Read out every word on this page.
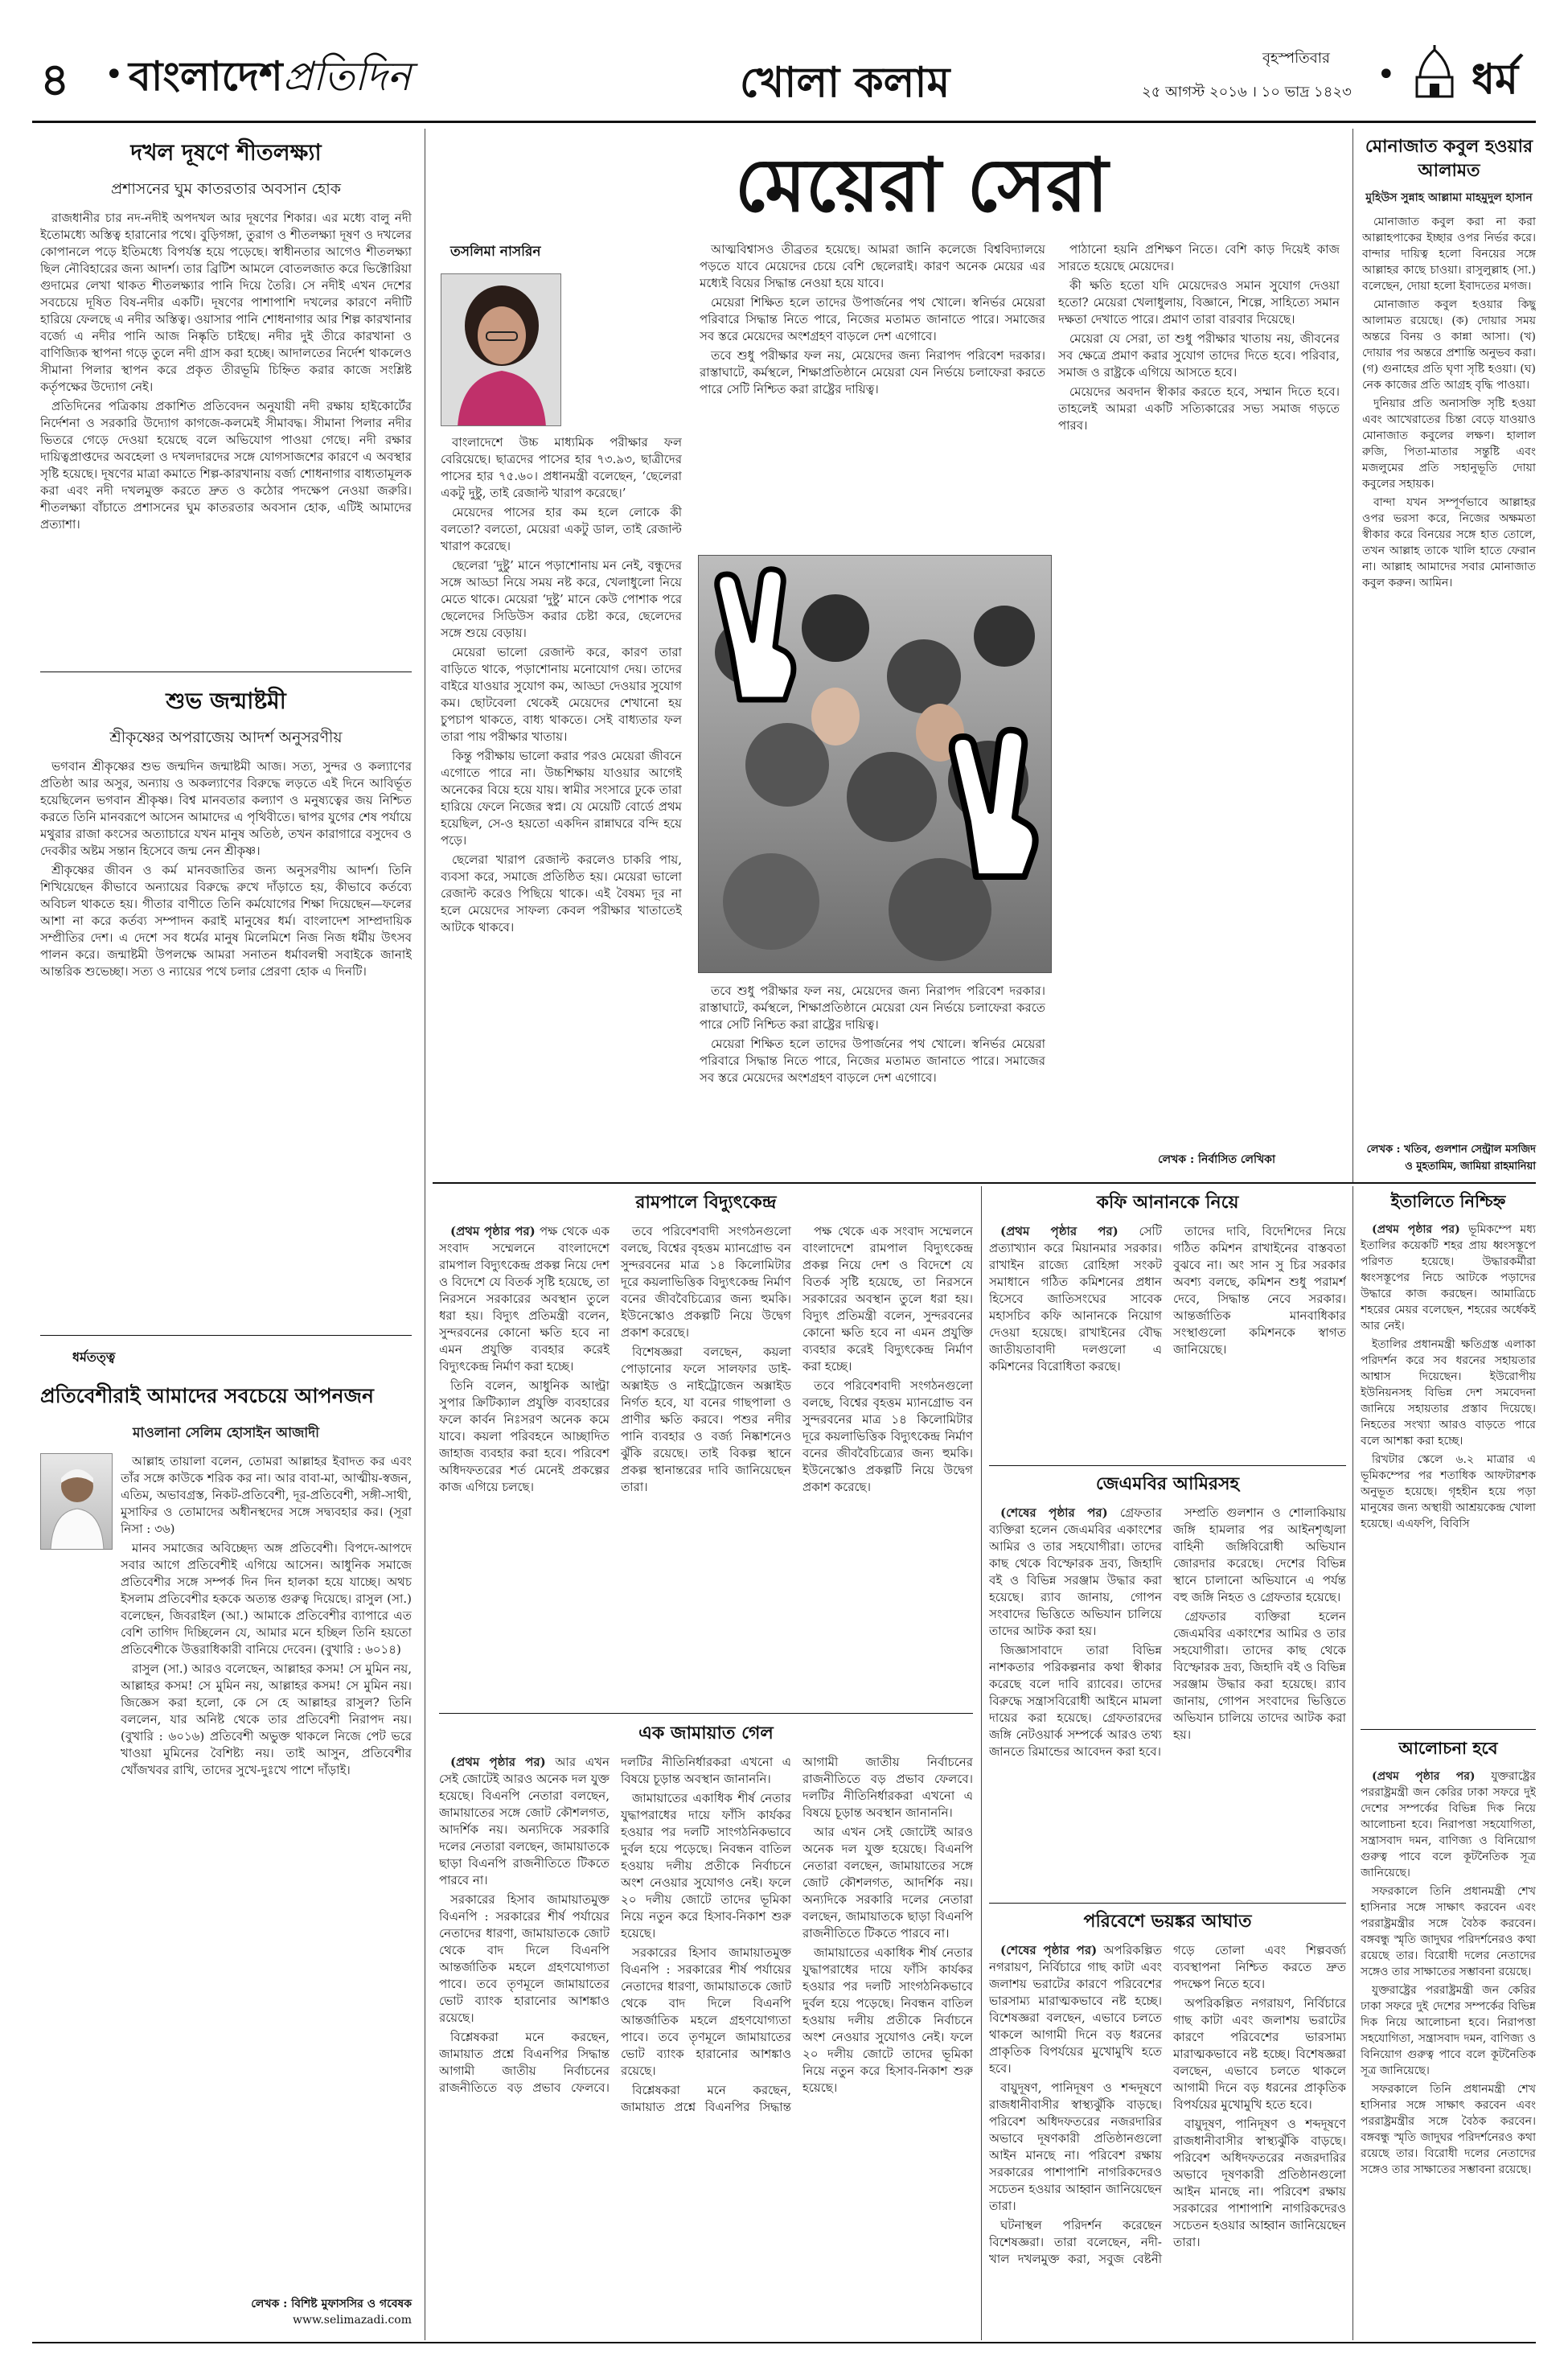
৪ • বাংলাদেশপ্রতিদিন	খোলা কলাম
বৃহস্পতিবার
২৫ আগস্ট ২০১৬ । ১০ ভাদ্র ১৪২৩ • ধর্ম
দখল দূষণে শীতলক্ষ্যা
প্রশাসনের ঘুম কাতরতার অবসান হোক

রাজধানীর চার নদ-নদীই অপদখল আর দূষণের শিকার। এর মধ্যে বালু নদী ইতোমধ্যে অস্তিত্ব হারানোর পথে। বুড়িগঙ্গা, তুরাগ ও শীতলক্ষ্যা দূষণ ও দখলের কোপানলে পড়ে ইতিমধ্যে বিপর্যস্ত হয়ে পড়েছে। স্বাধীনতার আগেও শীতলক্ষ্যা ছিল নৌবিহারের জন্য আদর্শ। তার ব্রিটিশ আমলে বোতলজাত করে ভিক্টোরিয়া গুদামের লেখা থাকত শীতলক্ষ্যার পানি দিয়ে তৈরি। সে নদীই এখন দেশের সবচেয়ে দূষিত বিষ-নদীর একটি। দূষণের পাশাপাশি দখলের কারণে নদীটি হারিয়ে ফেলছে এ নদীর অস্তিত্ব। ওয়াসার পানি শোধনাগার আর শিল্প কারখানার বর্জ্যে এ নদীর পানি আজ নিষ্কৃতি চাইছে। নদীর দুই তীরে কারখানা ও বাণিজ্যিক স্থাপনা গড়ে তুলে নদী গ্রাস করা হচ্ছে। আদালতের নির্দেশ থাকলেও সীমানা পিলার স্থাপন করে প্রকৃত তীরভূমি চিহ্নিত করার কাজে সংশ্লিষ্ট কর্তৃপক্ষের উদ্যোগ নেই।

প্রতিদিনের পত্রিকায় প্রকাশিত প্রতিবেদন অনুযায়ী নদী রক্ষায় হাইকোর্টের নির্দেশনা ও সরকারি উদ্যোগ কাগজে-কলমেই সীমাবদ্ধ। সীমানা পিলার নদীর ভিতরে গেড়ে দেওয়া হয়েছে বলে অভিযোগ পাওয়া গেছে। নদী রক্ষার দায়িত্বপ্রাপ্তদের অবহেলা ও দখলদারদের সঙ্গে যোগসাজশের কারণে এ অবস্থার সৃষ্টি হয়েছে। দূষণের মাত্রা কমাতে শিল্প-কারখানায় বর্জ্য শোধনাগার বাধ্যতামূলক করা এবং নদী দখলমুক্ত করতে দ্রুত ও কঠোর পদক্ষেপ নেওয়া জরুরি। শীতলক্ষ্যা বাঁচাতে প্রশাসনের ঘুম কাতরতার অবসান হোক, এটিই আমাদের প্রত্যাশা।

শুভ জন্মাষ্টমী
শ্রীকৃষ্ণের অপরাজেয় আদর্শ অনুসরণীয়

ভগবান শ্রীকৃষ্ণের শুভ জন্মদিন জন্মাষ্টমী আজ। সত্য, সুন্দর ও কল্যাণের প্রতিষ্ঠা আর অসুর, অন্যায় ও অকল্যাণের বিরুদ্ধে লড়তে এই দিনে আবির্ভূত হয়েছিলেন ভগবান শ্রীকৃষ্ণ। বিশ্ব মানবতার কল্যাণ ও মনুষ্যত্বের জয় নিশ্চিত করতে তিনি মানবরূপে আসেন আমাদের এ পৃথিবীতে। দ্বাপর যুগের শেষ পর্যায়ে মথুরার রাজা কংসের অত্যাচারে যখন মানুষ অতিষ্ঠ, তখন কারাগারে বসুদেব ও দেবকীর অষ্টম সন্তান হিসেবে জন্ম নেন শ্রীকৃষ্ণ।

শ্রীকৃষ্ণের জীবন ও কর্ম মানবজাতির জন্য অনুসরণীয় আদর্শ। তিনি শিখিয়েছেন কীভাবে অন্যায়ের বিরুদ্ধে রুখে দাঁড়াতে হয়, কীভাবে কর্তব্যে অবিচল থাকতে হয়। গীতার বাণীতে তিনি কর্মযোগের শিক্ষা দিয়েছেন—ফলের আশা না করে কর্তব্য সম্পাদন করাই মানুষের ধর্ম। বাংলাদেশ সাম্প্রদায়িক সম্প্রীতির দেশ। এ দেশে সব ধর্মের মানুষ মিলেমিশে নিজ নিজ ধর্মীয় উৎসব পালন করে। জন্মাষ্টমী উপলক্ষে আমরা সনাতন ধর্মাবলম্বী সবাইকে জানাই আন্তরিক শুভেচ্ছা। সত্য ও ন্যায়ের পথে চলার প্রেরণা হোক এ দিনটি।

ধর্মতত্ত্ব
প্রতিবেশীরাই আমাদের সবচেয়ে আপনজন
মাওলানা সেলিম হোসাইন আজাদী

আল্লাহ তায়ালা বলেন, তোমরা আল্লাহর ইবাদত কর এবং তাঁর সঙ্গে কাউকে শরিক কর না। আর বাবা-মা, আত্মীয়-স্বজন, এতিম, অভাবগ্রস্ত, নিকট-প্রতিবেশী, দূর-প্রতিবেশী, সঙ্গী-সাথী, মুসাফির ও তোমাদের অধীনস্থদের সঙ্গে সদ্ব্যবহার কর। (সূরা নিসা : ৩৬)

মানব সমাজের অবিচ্ছেদ্য অঙ্গ প্রতিবেশী। বিপদে-আপদে সবার আগে প্রতিবেশীই এগিয়ে আসেন। আধুনিক সমাজে প্রতিবেশীর সঙ্গে সম্পর্ক দিন দিন হালকা হয়ে যাচ্ছে। অথচ ইসলাম প্রতিবেশীর হককে অত্যন্ত গুরুত্ব দিয়েছে। রাসুল (সা.) বলেছেন, জিবরাইল (আ.) আমাকে প্রতিবেশীর ব্যাপারে এত বেশি তাগিদ দিচ্ছিলেন যে, আমার মনে হচ্ছিল তিনি হয়তো প্রতিবেশীকে উত্তরাধিকারী বানিয়ে দেবেন। (বুখারি : ৬০১৪)

রাসুল (সা.) আরও বলেছেন, আল্লাহর কসম! সে মুমিন নয়, আল্লাহর কসম! সে মুমিন নয়, আল্লাহর কসম! সে মুমিন নয়। জিজ্ঞেস করা হলো, কে সে হে আল্লাহর রাসুল? তিনি বললেন, যার অনিষ্ট থেকে তার প্রতিবেশী নিরাপদ নয়। (বুখারি : ৬০১৬) প্রতিবেশী অভুক্ত থাকলে নিজে পেট ভরে খাওয়া মুমিনের বৈশিষ্ট্য নয়। তাই আসুন, প্রতিবেশীর খোঁজখবর রাখি, তাদের সুখে-দুঃখে পাশে দাঁড়াই।

লেখক : বিশিষ্ট মুফাসসির ও গবেষক
www.selimazadi.com
মেয়েরা সেরা
তসলিমা নাসরিন

বাংলাদেশে উচ্চ মাধ্যমিক পরীক্ষার ফল বেরিয়েছে। ছাত্রদের পাসের হার ৭৩.৯৩, ছাত্রীদের পাসের হার ৭৫.৬০। প্রধানমন্ত্রী বলেছেন, ‘ছেলেরা একটু দুষ্টু, তাই রেজাল্ট খারাপ করেছে।’

মেয়েদের পাসের হার কম হলে লোকে কী বলতো? বলতো, মেয়েরা একটু ডাল, তাই রেজাল্ট খারাপ করেছে।

ছেলেরা ‘দুষ্টু’ মানে পড়াশোনায় মন নেই, বন্ধুদের সঙ্গে আড্ডা নিয়ে সময় নষ্ট করে, খেলাধুলো নিয়ে মেতে থাকে। মেয়েরা ‘দুষ্টু’ মানে কেউ পোশাক পরে ছেলেদের সিডিউস করার চেষ্টা করে, ছেলেদের সঙ্গে শুয়ে বেড়ায়।

মেয়েরা ভালো রেজাল্ট করে, কারণ তারা বাড়িতে থাকে, পড়াশোনায় মনোযোগ দেয়। তাদের বাইরে যাওয়ার সুযোগ কম, আড্ডা দেওয়ার সুযোগ কম। ছোটবেলা থেকেই মেয়েদের শেখানো হয় চুপচাপ থাকতে, বাধ্য থাকতে। সেই বাধ্যতার ফল তারা পায় পরীক্ষার খাতায়।

কিন্তু পরীক্ষায় ভালো করার পরও মেয়েরা জীবনে এগোতে পারে না। উচ্চশিক্ষায় যাওয়ার আগেই অনেকের বিয়ে হয়ে যায়। স্বামীর সংসারে ঢুকে তারা হারিয়ে ফেলে নিজের স্বপ্ন। যে মেয়েটি বোর্ডে প্রথম হয়েছিল, সে-ও হয়তো একদিন রান্নাঘরে বন্দি হয়ে পড়ে।

ছেলেরা খারাপ রেজাল্ট করলেও চাকরি পায়, ব্যবসা করে, সমাজে প্রতিষ্ঠিত হয়। মেয়েরা ভালো রেজাল্ট করেও পিছিয়ে থাকে। এই বৈষম্য দূর না হলে মেয়েদের সাফল্য কেবল পরীক্ষার খাতাতেই আটকে থাকবে।

আত্মবিশ্বাসও তীব্রতর হয়েছে। আমরা জানি কলেজে বিশ্ববিদ্যালয়ে পড়তে যাবে মেয়েদের চেয়ে বেশি ছেলেরাই। কারণ অনেক মেয়ের এর মধ্যেই বিয়ের সিদ্ধান্ত নেওয়া হয়ে যাবে।

মেয়েরা শিক্ষিত হলে তাদের উপার্জনের পথ খোলে। স্বনির্ভর মেয়েরা পরিবারে সিদ্ধান্ত নিতে পারে, নিজের মতামত জানাতে পারে। সমাজের সব স্তরে মেয়েদের অংশগ্রহণ বাড়লে দেশ এগোবে।

তবে শুধু পরীক্ষার ফল নয়, মেয়েদের জন্য নিরাপদ পরিবেশ দরকার। রাস্তাঘাটে, কর্মস্থলে, শিক্ষাপ্রতিষ্ঠানে মেয়েরা যেন নির্ভয়ে চলাফেরা করতে পারে সেটি নিশ্চিত করা রাষ্ট্রের দায়িত্ব।

পাঠানো হয়নি প্রশিক্ষণ নিতে। বেশি কাড় দিয়েই কাজ সারতে হয়েছে মেয়েদের।

কী ক্ষতি হতো যদি মেয়েদেরও সমান সুযোগ দেওয়া হতো? মেয়েরা খেলাধুলায়, বিজ্ঞানে, শিল্পে, সাহিত্যে সমান দক্ষতা দেখাতে পারে। প্রমাণ তারা বারবার দিয়েছে।

মেয়েরা যে সেরা, তা শুধু পরীক্ষার খাতায় নয়, জীবনের সব ক্ষেত্রে প্রমাণ করার সুযোগ তাদের দিতে হবে। পরিবার, সমাজ ও রাষ্ট্রকে এগিয়ে আসতে হবে।

মেয়েদের অবদান স্বীকার করতে হবে, সম্মান দিতে হবে। তাহলেই আমরা একটি সত্যিকারের সভ্য সমাজ গড়তে পারব।

তবে শুধু পরীক্ষার ফল নয়, মেয়েদের জন্য নিরাপদ পরিবেশ দরকার। রাস্তাঘাটে, কর্মস্থলে, শিক্ষাপ্রতিষ্ঠানে মেয়েরা যেন নির্ভয়ে চলাফেরা করতে পারে সেটি নিশ্চিত করা রাষ্ট্রের দায়িত্ব।

মেয়েরা শিক্ষিত হলে তাদের উপার্জনের পথ খোলে। স্বনির্ভর মেয়েরা পরিবারে সিদ্ধান্ত নিতে পারে, নিজের মতামত জানাতে পারে। সমাজের সব স্তরে মেয়েদের অংশগ্রহণ বাড়লে দেশ এগোবে।

লেখক : নির্বাসিত লেখিকা
মোনাজাত কবুল হওয়ার আলামত
মুহিউস সুন্নাহ আল্লামা মাহমুদুল হাসান

মোনাজাত কবুল করা না করা আল্লাহপাকের ইচ্ছার ওপর নির্ভর করে। বান্দার দায়িত্ব হলো বিনয়ের সঙ্গে আল্লাহর কাছে চাওয়া। রাসুলুল্লাহ (সা.) বলেছেন, দোয়া হলো ইবাদতের মগজ।

মোনাজাত কবুল হওয়ার কিছু আলামত রয়েছে। (ক) দোয়ার সময় অন্তরে বিনয় ও কান্না আসা। (খ) দোয়ার পর অন্তরে প্রশান্তি অনুভব করা। (গ) গুনাহের প্রতি ঘৃণা সৃষ্টি হওয়া। (ঘ) নেক কাজের প্রতি আগ্রহ বৃদ্ধি পাওয়া।

দুনিয়ার প্রতি অনাসক্তি সৃষ্টি হওয়া এবং আখেরাতের চিন্তা বেড়ে যাওয়াও মোনাজাত কবুলের লক্ষণ। হালাল রুজি, পিতা-মাতার সন্তুষ্টি এবং মজলুমের প্রতি সহানুভূতি দোয়া কবুলের সহায়ক।

বান্দা যখন সম্পূর্ণভাবে আল্লাহর ওপর ভরসা করে, নিজের অক্ষমতা স্বীকার করে বিনয়ের সঙ্গে হাত তোলে, তখন আল্লাহ তাকে খালি হাতে ফেরান না। আল্লাহ আমাদের সবার মোনাজাত কবুল করুন। আমিন।

লেখক : খতিব, গুলশান সেন্ট্রাল মসজিদ ও মুহতামিম, জামিয়া রাহমানিয়া
রামপালে বিদ্যুৎকেন্দ্র

(প্রথম পৃষ্ঠার পর) পক্ষ থেকে এক সংবাদ সম্মেলনে বাংলাদেশে রামপাল বিদ্যুৎকেন্দ্র প্রকল্প নিয়ে দেশ ও বিদেশে যে বিতর্ক সৃষ্টি হয়েছে, তা নিরসনে সরকারের অবস্থান তুলে ধরা হয়। বিদ্যুৎ প্রতিমন্ত্রী বলেন, সুন্দরবনের কোনো ক্ষতি হবে না এমন প্রযুক্তি ব্যবহার করেই বিদ্যুৎকেন্দ্র নির্মাণ করা হচ্ছে।

তিনি বলেন, আধুনিক আল্ট্রা সুপার ক্রিটিক্যাল প্রযুক্তি ব্যবহারের ফলে কার্বন নিঃসরণ অনেক কমে যাবে। কয়লা পরিবহনে আচ্ছাদিত জাহাজ ব্যবহার করা হবে। পরিবেশ অধিদফতরের শর্ত মেনেই প্রকল্পের কাজ এগিয়ে চলছে।

তবে পরিবেশবাদী সংগঠনগুলো বলছে, বিশ্বের বৃহত্তম ম্যানগ্রোভ বন সুন্দরবনের মাত্র ১৪ কিলোমিটার দূরে কয়লাভিত্তিক বিদ্যুৎকেন্দ্র নির্মাণ বনের জীববৈচিত্র্যের জন্য হুমকি। ইউনেস্কোও প্রকল্পটি নিয়ে উদ্বেগ প্রকাশ করেছে।

বিশেষজ্ঞরা বলছেন, কয়লা পোড়ানোর ফলে সালফার ডাই-অক্সাইড ও নাইট্রোজেন অক্সাইড নির্গত হবে, যা বনের গাছপালা ও প্রাণীর ক্ষতি করবে। পশুর নদীর পানি ব্যবহার ও বর্জ্য নিষ্কাশনেও ঝুঁকি রয়েছে। তাই বিকল্প স্থানে প্রকল্প স্থানান্তরের দাবি জানিয়েছেন তারা।

পক্ষ থেকে এক সংবাদ সম্মেলনে বাংলাদেশে রামপাল বিদ্যুৎকেন্দ্র প্রকল্প নিয়ে দেশ ও বিদেশে যে বিতর্ক সৃষ্টি হয়েছে, তা নিরসনে সরকারের অবস্থান তুলে ধরা হয়। বিদ্যুৎ প্রতিমন্ত্রী বলেন, সুন্দরবনের কোনো ক্ষতি হবে না এমন প্রযুক্তি ব্যবহার করেই বিদ্যুৎকেন্দ্র নির্মাণ করা হচ্ছে।

তবে পরিবেশবাদী সংগঠনগুলো বলছে, বিশ্বের বৃহত্তম ম্যানগ্রোভ বন সুন্দরবনের মাত্র ১৪ কিলোমিটার দূরে কয়লাভিত্তিক বিদ্যুৎকেন্দ্র নির্মাণ বনের জীববৈচিত্র্যের জন্য হুমকি। ইউনেস্কোও প্রকল্পটি নিয়ে উদ্বেগ প্রকাশ করেছে।

এক জামায়াত গেল

(প্রথম পৃষ্ঠার পর) আর এখন সেই জোটেই আরও অনেক দল যুক্ত হয়েছে। বিএনপি নেতারা বলছেন, জামায়াতের সঙ্গে জোট কৌশলগত, আদর্শিক নয়। অন্যদিকে সরকারি দলের নেতারা বলছেন, জামায়াতকে ছাড়া বিএনপি রাজনীতিতে টিকতে পারবে না।

সরকারের হিসাব জামায়াতমুক্ত বিএনপি : সরকারের শীর্ষ পর্যায়ের নেতাদের ধারণা, জামায়াতকে জোট থেকে বাদ দিলে বিএনপি আন্তর্জাতিক মহলে গ্রহণযোগ্যতা পাবে। তবে তৃণমূলে জামায়াতের ভোট ব্যাংক হারানোর আশঙ্কাও রয়েছে।

বিশ্লেষকরা মনে করছেন, জামায়াত প্রশ্নে বিএনপির সিদ্ধান্ত আগামী জাতীয় নির্বাচনের রাজনীতিতে বড় প্রভাব ফেলবে। দলটির নীতিনির্ধারকরা এখনো এ বিষয়ে চূড়ান্ত অবস্থান জানাননি।

জামায়াতের একাধিক শীর্ষ নেতার যুদ্ধাপরাধের দায়ে ফাঁসি কার্যকর হওয়ার পর দলটি সাংগঠনিকভাবে দুর্বল হয়ে পড়েছে। নিবন্ধন বাতিল হওয়ায় দলীয় প্রতীকে নির্বাচনে অংশ নেওয়ার সুযোগও নেই। ফলে ২০ দলীয় জোটে তাদের ভূমিকা নিয়ে নতুন করে হিসাব-নিকাশ শুরু হয়েছে।

সরকারের হিসাব জামায়াতমুক্ত বিএনপি : সরকারের শীর্ষ পর্যায়ের নেতাদের ধারণা, জামায়াতকে জোট থেকে বাদ দিলে বিএনপি আন্তর্জাতিক মহলে গ্রহণযোগ্যতা পাবে। তবে তৃণমূলে জামায়াতের ভোট ব্যাংক হারানোর আশঙ্কাও রয়েছে।

বিশ্লেষকরা মনে করছেন, জামায়াত প্রশ্নে বিএনপির সিদ্ধান্ত আগামী জাতীয় নির্বাচনের রাজনীতিতে বড় প্রভাব ফেলবে। দলটির নীতিনির্ধারকরা এখনো এ বিষয়ে চূড়ান্ত অবস্থান জানাননি।

আর এখন সেই জোটেই আরও অনেক দল যুক্ত হয়েছে। বিএনপি নেতারা বলছেন, জামায়াতের সঙ্গে জোট কৌশলগত, আদর্শিক নয়। অন্যদিকে সরকারি দলের নেতারা বলছেন, জামায়াতকে ছাড়া বিএনপি রাজনীতিতে টিকতে পারবে না।

জামায়াতের একাধিক শীর্ষ নেতার যুদ্ধাপরাধের দায়ে ফাঁসি কার্যকর হওয়ার পর দলটি সাংগঠনিকভাবে দুর্বল হয়ে পড়েছে। নিবন্ধন বাতিল হওয়ায় দলীয় প্রতীকে নির্বাচনে অংশ নেওয়ার সুযোগও নেই। ফলে ২০ দলীয় জোটে তাদের ভূমিকা নিয়ে নতুন করে হিসাব-নিকাশ শুরু হয়েছে।

কফি আনানকে নিয়ে

(প্রথম পৃষ্ঠার পর) সেটি প্রত্যাখ্যান করে মিয়ানমার সরকার। রাখাইন রাজ্যে রোহিঙ্গা সংকট সমাধানে গঠিত কমিশনের প্রধান হিসেবে জাতিসংঘের সাবেক মহাসচিব কফি আনানকে নিয়োগ দেওয়া হয়েছে। রাখাইনের বৌদ্ধ জাতীয়তাবাদী দলগুলো এ কমিশনের বিরোধিতা করছে।

তাদের দাবি, বিদেশিদের নিয়ে গঠিত কমিশন রাখাইনের বাস্তবতা বুঝবে না। অং সান সু চির সরকার অবশ্য বলছে, কমিশন শুধু পরামর্শ দেবে, সিদ্ধান্ত নেবে সরকার। আন্তর্জাতিক মানবাধিকার সংস্থাগুলো কমিশনকে স্বাগত জানিয়েছে।

জেএমবির আমিরসহ

(শেষের পৃষ্ঠার পর) গ্রেফতার ব্যক্তিরা হলেন জেএমবির একাংশের আমির ও তার সহযোগীরা। তাদের কাছ থেকে বিস্ফোরক দ্রব্য, জিহাদি বই ও বিভিন্ন সরঞ্জাম উদ্ধার করা হয়েছে। র‌্যাব জানায়, গোপন সংবাদের ভিত্তিতে অভিযান চালিয়ে তাদের আটক করা হয়।

জিজ্ঞাসাবাদে তারা বিভিন্ন নাশকতার পরিকল্পনার কথা স্বীকার করেছে বলে দাবি র‌্যাবের। তাদের বিরুদ্ধে সন্ত্রাসবিরোধী আইনে মামলা দায়ের করা হয়েছে। গ্রেফতারদের জঙ্গি নেটওয়ার্ক সম্পর্কে আরও তথ্য জানতে রিমান্ডের আবেদন করা হবে।

সম্প্রতি গুলশান ও শোলাকিয়ায় জঙ্গি হামলার পর আইনশৃঙ্খলা বাহিনী জঙ্গিবিরোধী অভিযান জোরদার করেছে। দেশের বিভিন্ন স্থানে চালানো অভিযানে এ পর্যন্ত বহু জঙ্গি নিহত ও গ্রেফতার হয়েছে।

গ্রেফতার ব্যক্তিরা হলেন জেএমবির একাংশের আমির ও তার সহযোগীরা। তাদের কাছ থেকে বিস্ফোরক দ্রব্য, জিহাদি বই ও বিভিন্ন সরঞ্জাম উদ্ধার করা হয়েছে। র‌্যাব জানায়, গোপন সংবাদের ভিত্তিতে অভিযান চালিয়ে তাদের আটক করা হয়।

পরিবেশে ভয়ঙ্কর আঘাত

(শেষের পৃষ্ঠার পর) অপরিকল্পিত নগরায়ণ, নির্বিচারে গাছ কাটা এবং জলাশয় ভরাটের কারণে পরিবেশের ভারসাম্য মারাত্মকভাবে নষ্ট হচ্ছে। বিশেষজ্ঞরা বলছেন, এভাবে চলতে থাকলে আগামী দিনে বড় ধরনের প্রাকৃতিক বিপর্যয়ের মুখোমুখি হতে হবে।

বায়ুদূষণ, পানিদূষণ ও শব্দদূষণে রাজধানীবাসীর স্বাস্থ্যঝুঁকি বাড়ছে। পরিবেশ অধিদফতরের নজরদারির অভাবে দূষণকারী প্রতিষ্ঠানগুলো আইন মানছে না। পরিবেশ রক্ষায় সরকারের পাশাপাশি নাগরিকদেরও সচেতন হওয়ার আহ্বান জানিয়েছেন তারা।

ঘটনাস্থল পরিদর্শন করেছেন বিশেষজ্ঞরা। তারা বলেছেন, নদী-খাল দখলমুক্ত করা, সবুজ বেষ্টনী গড়ে তোলা এবং শিল্পবর্জ্য ব্যবস্থাপনা নিশ্চিত করতে দ্রুত পদক্ষেপ নিতে হবে।

অপরিকল্পিত নগরায়ণ, নির্বিচারে গাছ কাটা এবং জলাশয় ভরাটের কারণে পরিবেশের ভারসাম্য মারাত্মকভাবে নষ্ট হচ্ছে। বিশেষজ্ঞরা বলছেন, এভাবে চলতে থাকলে আগামী দিনে বড় ধরনের প্রাকৃতিক বিপর্যয়ের মুখোমুখি হতে হবে।

বায়ুদূষণ, পানিদূষণ ও শব্দদূষণে রাজধানীবাসীর স্বাস্থ্যঝুঁকি বাড়ছে। পরিবেশ অধিদফতরের নজরদারির অভাবে দূষণকারী প্রতিষ্ঠানগুলো আইন মানছে না। পরিবেশ রক্ষায় সরকারের পাশাপাশি নাগরিকদেরও সচেতন হওয়ার আহ্বান জানিয়েছেন তারা।

ইতালিতে নিশ্চিহ্ন

(প্রথম পৃষ্ঠার পর) ভূমিকম্পে মধ্য ইতালির কয়েকটি শহর প্রায় ধ্বংসস্তূপে পরিণত হয়েছে। উদ্ধারকর্মীরা ধ্বংসস্তূপের নিচে আটকে পড়াদের উদ্ধারে কাজ করছেন। আমাত্রিচে শহরের মেয়র বলেছেন, শহরের অর্ধেকই আর নেই।

ইতালির প্রধানমন্ত্রী ক্ষতিগ্রস্ত এলাকা পরিদর্শন করে সব ধরনের সহায়তার আশ্বাস দিয়েছেন। ইউরোপীয় ইউনিয়নসহ বিভিন্ন দেশ সমবেদনা জানিয়ে সহায়তার প্রস্তাব দিয়েছে। নিহতের সংখ্যা আরও বাড়তে পারে বলে আশঙ্কা করা হচ্ছে।

রিখটার স্কেলে ৬.২ মাত্রার এ ভূমিকম্পের পর শতাধিক আফটারশক অনুভূত হয়েছে। গৃহহীন হয়ে পড়া মানুষের জন্য অস্থায়ী আশ্রয়কেন্দ্র খোলা হয়েছে। এএফপি, বিবিসি

আলোচনা হবে

(প্রথম পৃষ্ঠার পর) যুক্তরাষ্ট্রের পররাষ্ট্রমন্ত্রী জন কেরির ঢাকা সফরে দুই দেশের সম্পর্কের বিভিন্ন দিক নিয়ে আলোচনা হবে। নিরাপত্তা সহযোগিতা, সন্ত্রাসবাদ দমন, বাণিজ্য ও বিনিয়োগ গুরুত্ব পাবে বলে কূটনৈতিক সূত্র জানিয়েছে।

সফরকালে তিনি প্রধানমন্ত্রী শেখ হাসিনার সঙ্গে সাক্ষাৎ করবেন এবং পররাষ্ট্রমন্ত্রীর সঙ্গে বৈঠক করবেন। বঙ্গবন্ধু স্মৃতি জাদুঘর পরিদর্শনেরও কথা রয়েছে তার। বিরোধী দলের নেতাদের সঙ্গেও তার সাক্ষাতের সম্ভাবনা রয়েছে।

যুক্তরাষ্ট্রের পররাষ্ট্রমন্ত্রী জন কেরির ঢাকা সফরে দুই দেশের সম্পর্কের বিভিন্ন দিক নিয়ে আলোচনা হবে। নিরাপত্তা সহযোগিতা, সন্ত্রাসবাদ দমন, বাণিজ্য ও বিনিয়োগ গুরুত্ব পাবে বলে কূটনৈতিক সূত্র জানিয়েছে।

সফরকালে তিনি প্রধানমন্ত্রী শেখ হাসিনার সঙ্গে সাক্ষাৎ করবেন এবং পররাষ্ট্রমন্ত্রীর সঙ্গে বৈঠক করবেন। বঙ্গবন্ধু স্মৃতি জাদুঘর পরিদর্শনেরও কথা রয়েছে তার। বিরোধী দলের নেতাদের সঙ্গেও তার সাক্ষাতের সম্ভাবনা রয়েছে।
